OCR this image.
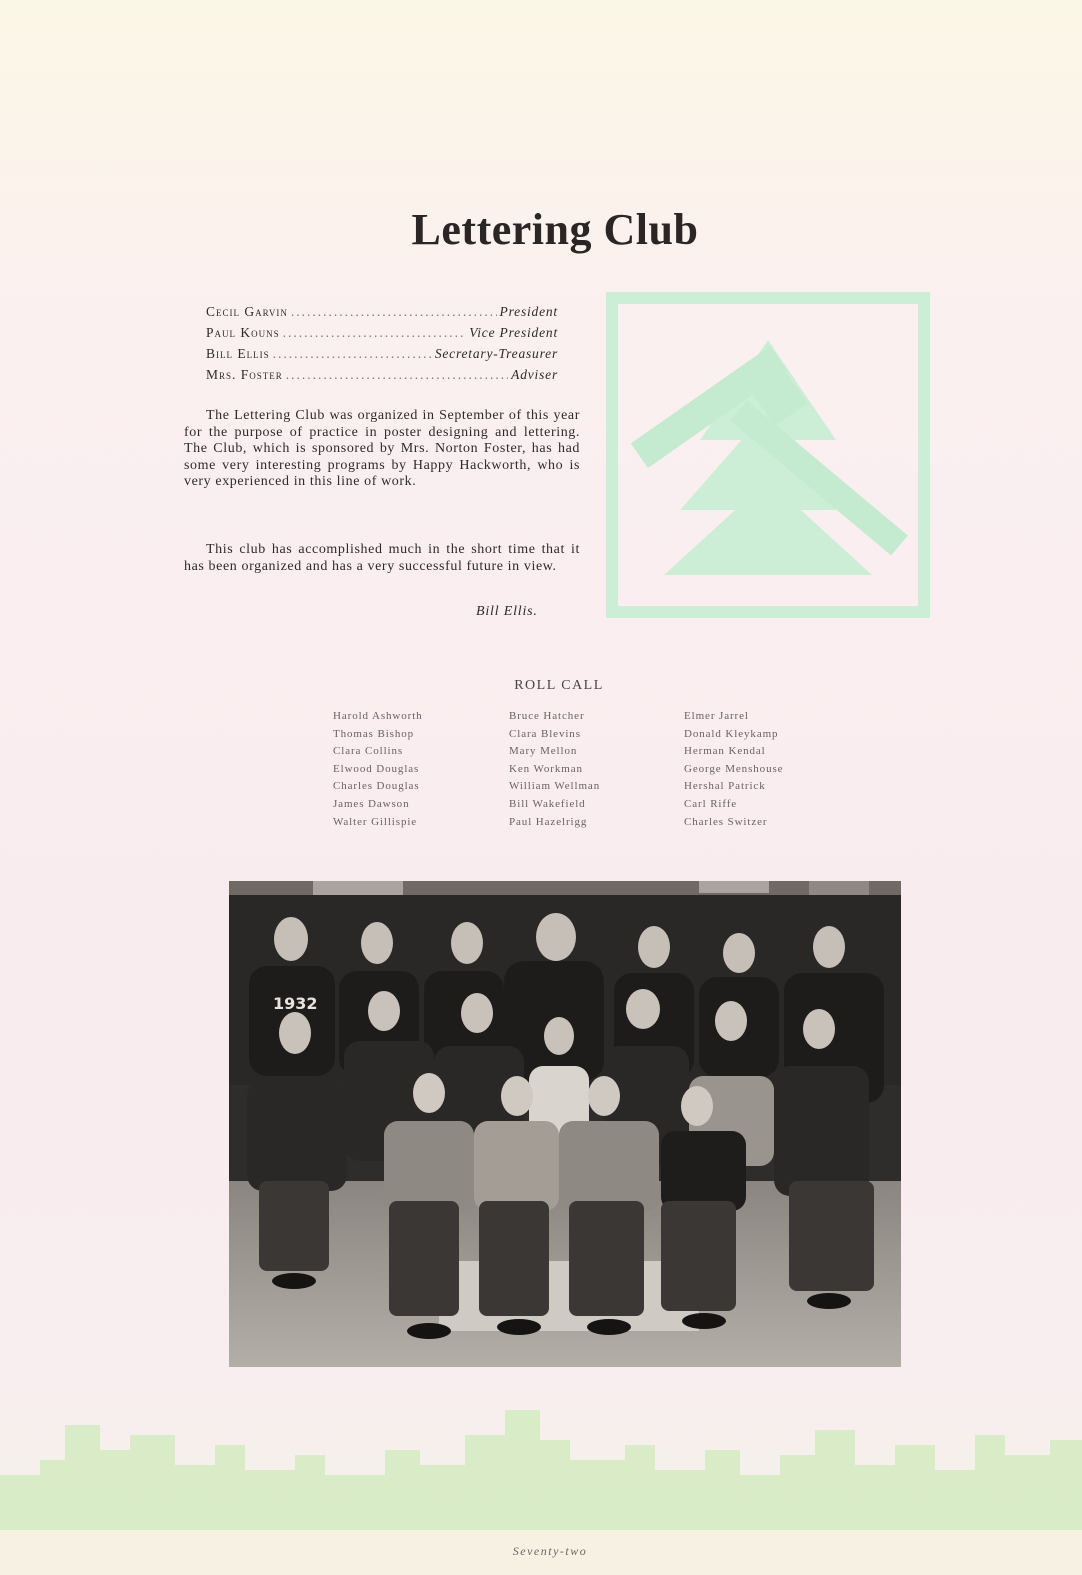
Lettering Club
Cecil Garvin .....	President
Paul Kouns .....	Vice President
Bill Ellis .....	Secretary-Treasurer
Mrs. Foster .....	Adviser

The Lettering Club was organized in September of this year for the purpose of practice in poster designing and lettering. The Club, which is sponsored by Mrs. Norton Foster, has had some very interesting programs by Happy Hackworth, who is very experienced in this line of work.

This club has accomplished much in the short time that it has been organized and has a very successful future in view.

Bill Ellis.
ROLL CALL
Harold Ashworth
Thomas Bishop
Clara Collins
Elwood Douglas
Charles Douglas
James Dawson
Walter Gillispie
Bruce Hatcher
Clara Blevins
Mary Mellon
Ken Workman
William Wellman
Bill Wakefield
Paul Hazelrigg
Elmer Jarrel
Donald Kleykamp
Herman Kendal
George Menshouse
Hershal Patrick
Carl Riffe
Charles Switzer
1932
Seventy-two
